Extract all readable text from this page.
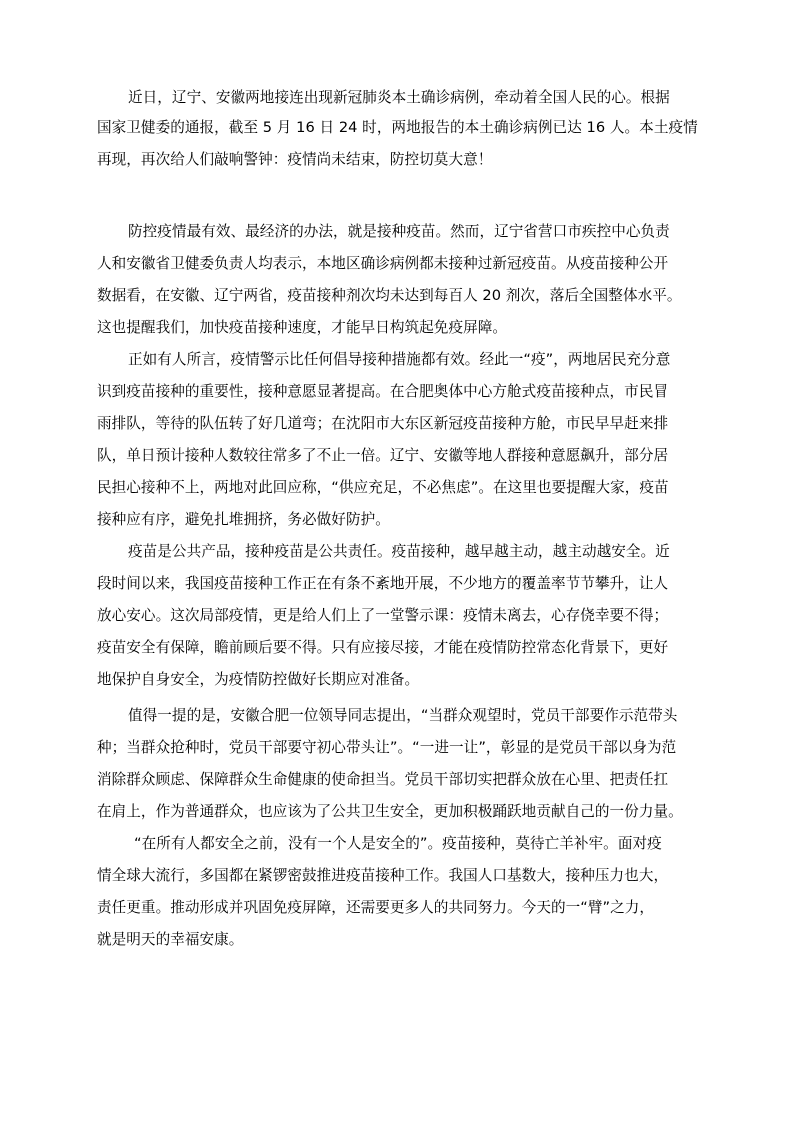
近日，辽宁、安徽两地接连出现新冠肺炎本土确诊病例，牵动着全国人民的心。根据

国家卫健委的通报，截至 5 月 16 日 24 时，两地报告的本土确诊病例已达 16 人。本土疫情

再现，再次给人们敲响警钟：疫情尚未结束，防控切莫大意！

防控疫情最有效、最经济的办法，就是接种疫苗。然而，辽宁省营口市疾控中心负责

人和安徽省卫健委负责人均表示，本地区确诊病例都未接种过新冠疫苗。从疫苗接种公开

数据看，在安徽、辽宁两省，疫苗接种剂次均未达到每百人 20 剂次，落后全国整体水平。

这也提醒我们，加快疫苗接种速度，才能早日构筑起免疫屏障。

正如有人所言，疫情警示比任何倡导接种措施都有效。经此一“疫”，两地居民充分意

识到疫苗接种的重要性，接种意愿显著提高。在合肥奥体中心方舱式疫苗接种点，市民冒

雨排队，等待的队伍转了好几道弯；在沈阳市大东区新冠疫苗接种方舱，市民早早赶来排

队，单日预计接种人数较往常多了不止一倍。辽宁、安徽等地人群接种意愿飙升，部分居

民担心接种不上，两地对此回应称，“供应充足，不必焦虑”。在这里也要提醒大家，疫苗

接种应有序，避免扎堆拥挤，务必做好防护。

疫苗是公共产品，接种疫苗是公共责任。疫苗接种，越早越主动，越主动越安全。近

段时间以来，我国疫苗接种工作正在有条不紊地开展，不少地方的覆盖率节节攀升，让人

放心安心。这次局部疫情，更是给人们上了一堂警示课：疫情未离去，心存侥幸要不得；

疫苗安全有保障，瞻前顾后要不得。只有应接尽接，才能在疫情防控常态化背景下，更好

地保护自身安全，为疫情防控做好长期应对准备。

值得一提的是，安徽合肥一位领导同志提出，“当群众观望时，党员干部要作示范带头

种；当群众抢种时，党员干部要守初心带头让”。“一进一让”，彰显的是党员干部以身为范

消除群众顾虑、保障群众生命健康的使命担当。党员干部切实把群众放在心里、把责任扛

在肩上，作为普通群众，也应该为了公共卫生安全，更加积极踊跃地贡献自己的一份力量。

“在所有人都安全之前，没有一个人是安全的”。疫苗接种，莫待亡羊补牢。面对疫

情全球大流行，多国都在紧锣密鼓推进疫苗接种工作。我国人口基数大，接种压力也大，

责任更重。推动形成并巩固免疫屏障，还需要更多人的共同努力。今天的一“臂”之力，

就是明天的幸福安康。
